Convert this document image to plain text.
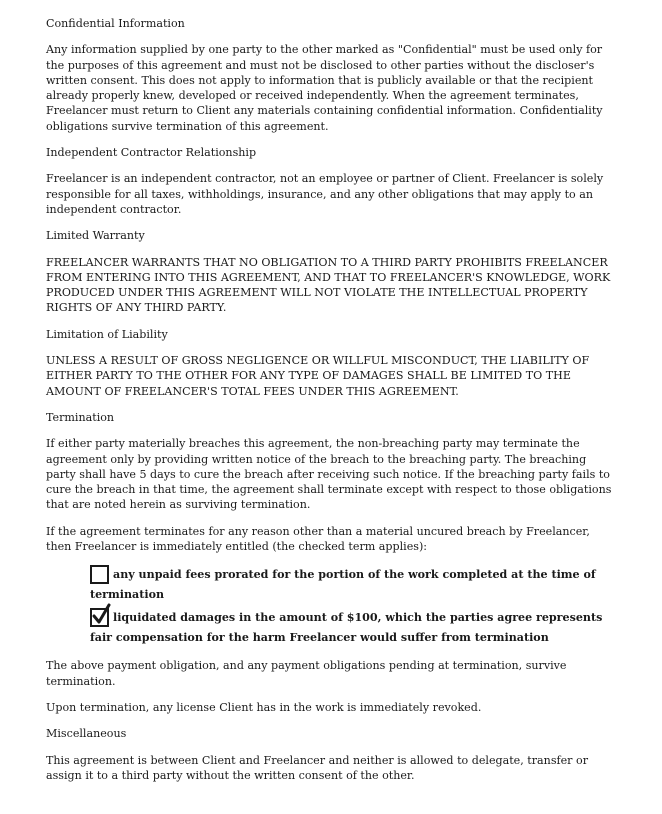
Confidential Information

Any information supplied by one party to the other marked as "Confidential" must be used only for the purposes of this agreement and must not be disclosed to other parties without the discloser's written consent. This does not apply to information that is publicly available or that the recipient already properly knew, developed or received independently. When the agreement terminates, Freelancer must return to Client any materials containing confidential information. Confidentiality obligations survive termination of this agreement.

Independent Contractor Relationship

Freelancer is an independent contractor, not an employee or partner of Client. Freelancer is solely responsible for all taxes, withholdings, insurance, and any other obligations that may apply to an independent contractor.

Limited Warranty

FREELANCER WARRANTS THAT NO OBLIGATION TO A THIRD PARTY PROHIBITS FREELANCER FROM ENTERING INTO THIS AGREEMENT, AND THAT TO FREELANCER'S KNOWLEDGE, WORK PRODUCED UNDER THIS AGREEMENT WILL NOT VIOLATE THE INTELLECTUAL PROPERTY RIGHTS OF ANY THIRD PARTY.

Limitation of Liability

UNLESS A RESULT OF GROSS NEGLIGENCE OR WILLFUL MISCONDUCT, THE LIABILITY OF EITHER PARTY TO THE OTHER FOR ANY TYPE OF DAMAGES SHALL BE LIMITED TO THE AMOUNT OF FREELANCER'S TOTAL FEES UNDER THIS AGREEMENT.

Termination

If either party materially breaches this agreement, the non-breaching party may terminate the agreement only by providing written notice of the breach to the breaching party. The breaching party shall have 5 days to cure the breach after receiving such notice. If the breaching party fails to cure the breach in that time, the agreement shall terminate except with respect to those obligations that are noted herein as surviving termination.

If the agreement terminates for any reason other than a material uncured breach by Freelancer, then Freelancer is immediately entitled (the checked term applies):

any unpaid fees prorated for the portion of the work completed at the time of termination
liquidated damages in the amount of $100, which the parties agree represents fair compensation for the harm Freelancer would suffer from termination

The above payment obligation, and any payment obligations pending at termination, survive termination.

Upon termination, any license Client has in the work is immediately revoked.

Miscellaneous

This agreement is between Client and Freelancer and neither is allowed to delegate, transfer or assign it to a third party without the written consent of the other.
